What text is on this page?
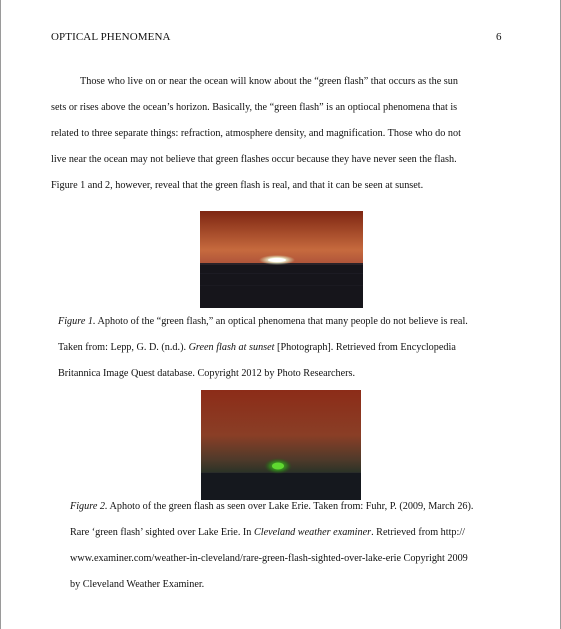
OPTICAL PHENOMENA	6
Those who live on or near the ocean will know about the “green flash” that occurs as the sun
sets or rises above the ocean’s horizon. Basically, the “green flash” is an optiocal phenomena that is
related to three separate things: refraction, atmosphere density, and magnification. Those who do not
live near the ocean may not believe that green flashes occur because they have never seen the flash.
Figure 1 and 2, however, reveal that the green flash is real, and that it can be seen at sunset.
Figure 1. Aphoto of the “green flash,” an optical phenomena that many people do not believe is real.
Taken from: Lepp, G. D. (n.d.). Green flash at sunset [Photograph]. Retrieved from Encyclopedia
Britannica Image Quest database. Copyright 2012 by Photo Researchers.
Figure 2. Aphoto of the green flash as seen over Lake Erie. Taken from: Fuhr, P. (2009, March 26).
Rare ‘green flash’ sighted over Lake Erie. In Cleveland weather examiner. Retrieved from http://
www.examiner.com/weather-in-cleveland/rare-green-flash-sighted-over-lake-erie Copyright 2009
by Cleveland Weather Examiner.
